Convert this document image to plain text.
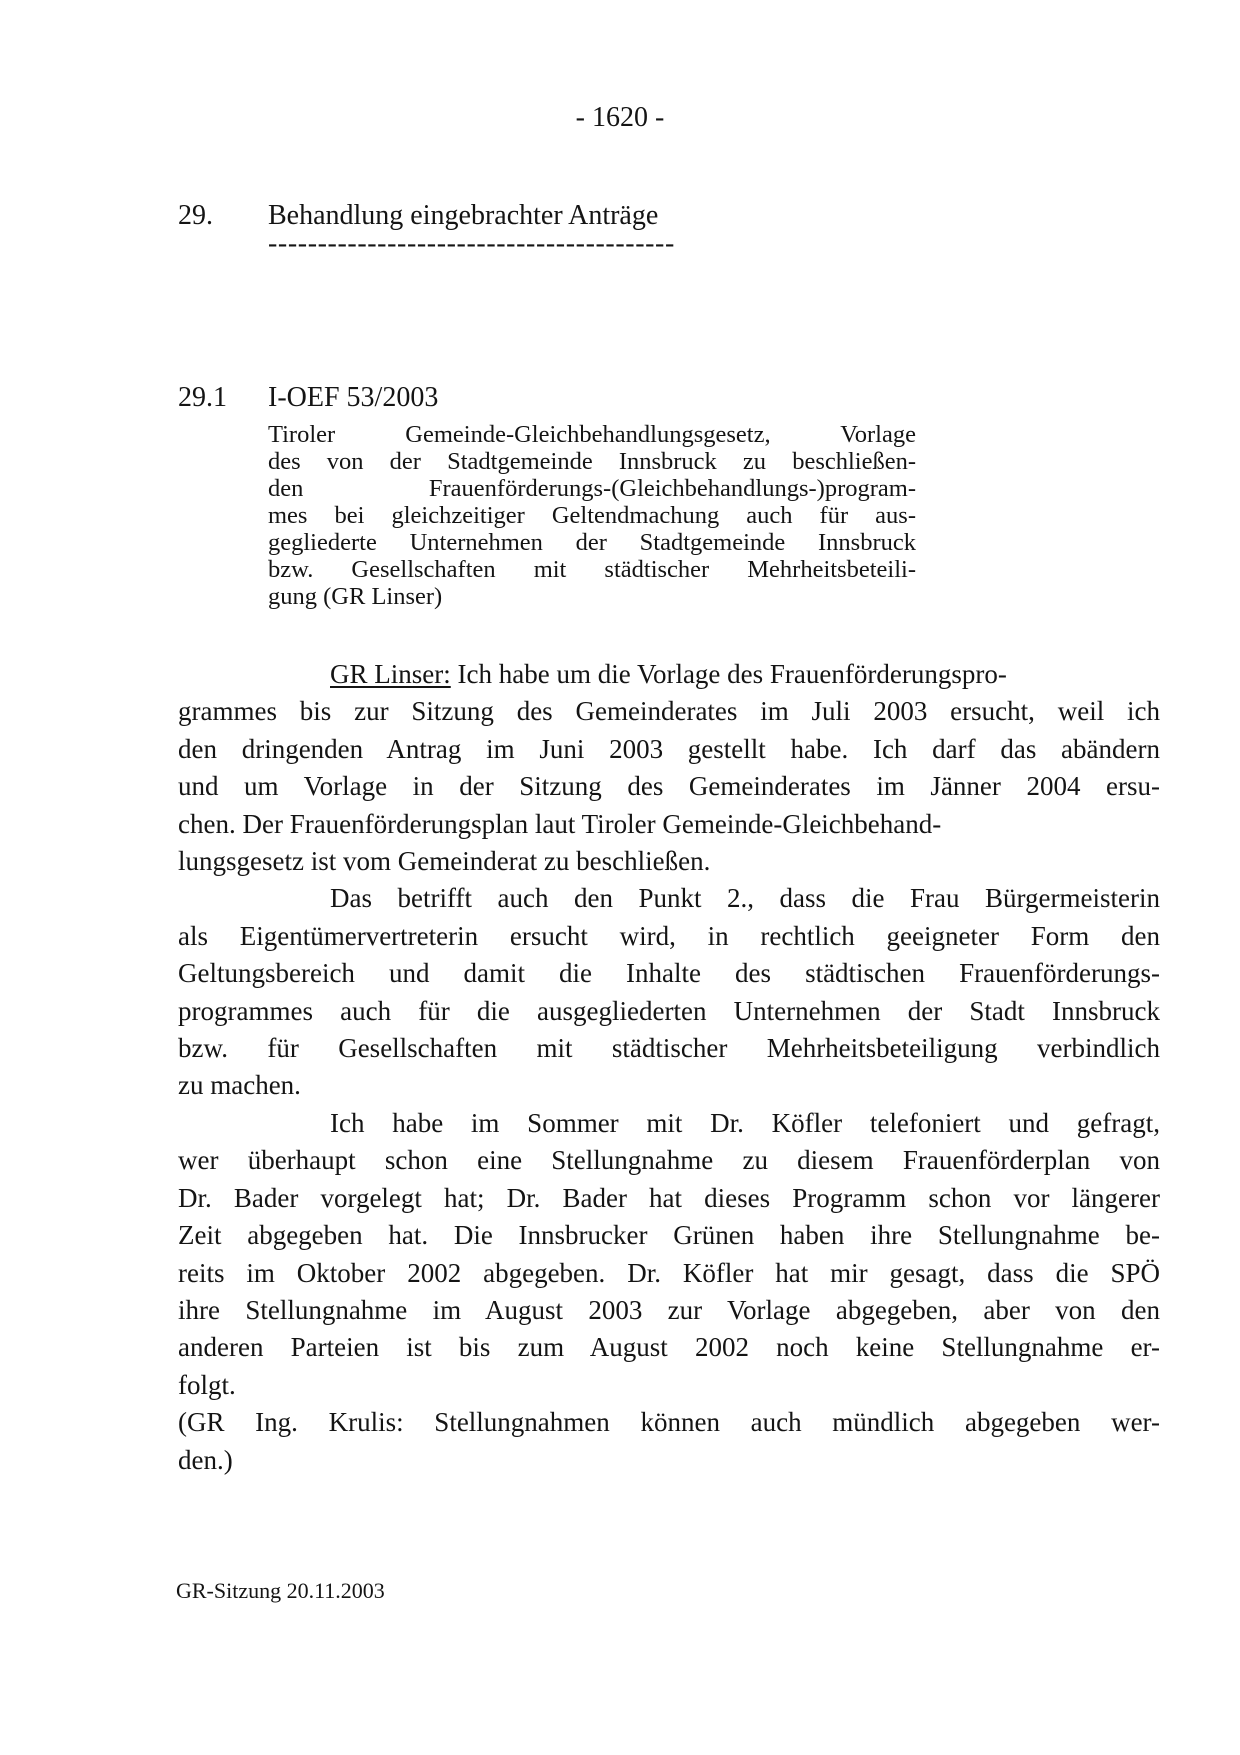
- 1620 -
29. Behandlung eingebrachter Anträge
-----------------------------------------
29.1 I-OEF 53/2003
Tiroler Gemeinde-Gleichbehandlungsgesetz, Vorlage
des von der Stadtgemeinde Innsbruck zu beschließen-
den Frauenförderungs-(Gleichbehandlungs-)program-
mes bei gleichzeitiger Geltendmachung auch für aus-
gegliederte Unternehmen der Stadtgemeinde Innsbruck
bzw. Gesellschaften mit städtischer Mehrheitsbeteili-
gung (GR Linser)
GR Linser: Ich habe um die Vorlage des Frauenförderungspro-
grammes bis zur Sitzung des Gemeinderates im Juli 2003 ersucht, weil ich
den dringenden Antrag im Juni 2003 gestellt habe. Ich darf das abändern
und um Vorlage in der Sitzung des Gemeinderates im Jänner 2004 ersu-
chen. Der Frauenförderungsplan laut Tiroler Gemeinde-Gleichbehand-
lungsgesetz ist vom Gemeinderat zu beschließen.
Das betrifft auch den Punkt 2., dass die Frau Bürgermeisterin
als Eigentümervertreterin ersucht wird, in rechtlich geeigneter Form den
Geltungsbereich und damit die Inhalte des städtischen Frauenförderungs-
programmes auch für die ausgegliederten Unternehmen der Stadt Innsbruck
bzw. für Gesellschaften mit städtischer Mehrheitsbeteiligung verbindlich
zu machen.
Ich habe im Sommer mit Dr. Köfler telefoniert und gefragt,
wer überhaupt schon eine Stellungnahme zu diesem Frauenförderplan von
Dr. Bader vorgelegt hat; Dr. Bader hat dieses Programm schon vor längerer
Zeit abgegeben hat. Die Innsbrucker Grünen haben ihre Stellungnahme be-
reits im Oktober 2002 abgegeben. Dr. Köfler hat mir gesagt, dass die SPÖ
ihre Stellungnahme im August 2003 zur Vorlage abgegeben, aber von den
anderen Parteien ist bis zum August 2002 noch keine Stellungnahme er-
folgt.
(GR Ing. Krulis: Stellungnahmen können auch mündlich abgegeben wer-
den.)
GR-Sitzung 20.11.2003
